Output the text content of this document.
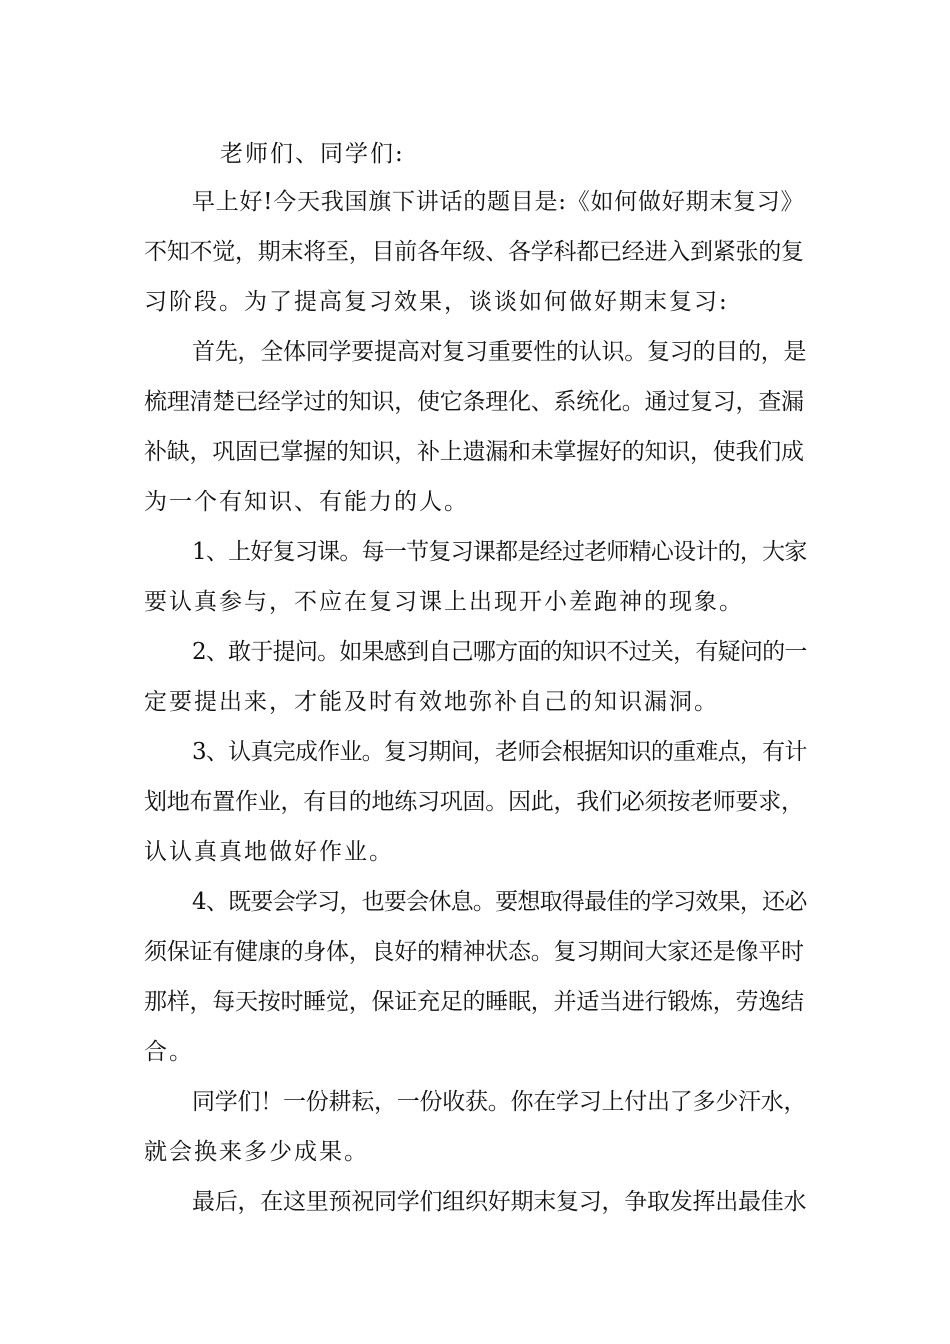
老师们、同学们:
早上好!今天我国旗下讲话的题目是:《如何做好期末复习》
不知不觉，期末将至，目前各年级、各学科都已经进入到紧张的复
习阶段。为了提高复习效果，谈谈如何做好期末复习:
首先，全体同学要提高对复习重要性的认识。复习的目的，是
梳理清楚已经学过的知识，使它条理化、系统化。通过复习，查漏
补缺，巩固已掌握的知识，补上遗漏和未掌握好的知识，使我们成
为一个有知识、有能力的人。
1、上好复习课。每一节复习课都是经过老师精心设计的，大家
要认真参与，不应在复习课上出现开小差跑神的现象。
2、敢于提问。如果感到自己哪方面的知识不过关，有疑问的一
定要提出来，才能及时有效地弥补自己的知识漏洞。
3、认真完成作业。复习期间，老师会根据知识的重难点，有计
划地布置作业，有目的地练习巩固。因此，我们必须按老师要求，
认认真真地做好作业。
4、既要会学习，也要会休息。要想取得最佳的学习效果，还必
须保证有健康的身体，良好的精神状态。复习期间大家还是像平时
那样，每天按时睡觉，保证充足的睡眠，并适当进行锻炼，劳逸结
合。
同学们！一份耕耘，一份收获。你在学习上付出了多少汗水，
就会换来多少成果。
最后，在这里预祝同学们组织好期末复习，争取发挥出最佳水
